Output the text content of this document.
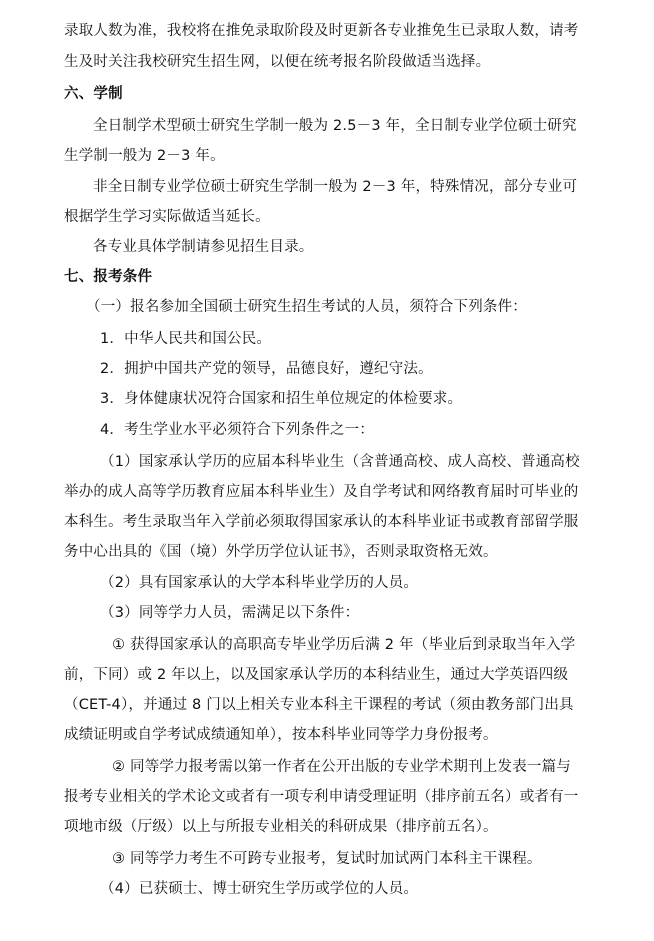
录取人数为准，我校将在推免录取阶段及时更新各专业推免生已录取人数，请考
生及时关注我校研究生招生网，以便在统考报名阶段做适当选择。
六、学制
全日制学术型硕士研究生学制一般为 2.5－3 年，全日制专业学位硕士研究
生学制一般为 2－3 年。
非全日制专业学位硕士研究生学制一般为 2－3 年，特殊情况，部分专业可
根据学生学习实际做适当延长。
各专业具体学制请参见招生目录。
七、报考条件
（一）报名参加全国硕士研究生招生考试的人员，须符合下列条件：
1．中华人民共和国公民。
2．拥护中国共产党的领导，品德良好，遵纪守法。
3．身体健康状况符合国家和招生单位规定的体检要求。
4．考生学业水平必须符合下列条件之一：
（1）国家承认学历的应届本科毕业生（含普通高校、成人高校、普通高校
举办的成人高等学历教育应届本科毕业生）及自学考试和网络教育届时可毕业的
本科生。考生录取当年入学前必须取得国家承认的本科毕业证书或教育部留学服
务中心出具的《国（境）外学历学位认证书》，否则录取资格无效。
（2）具有国家承认的大学本科毕业学历的人员。
（3）同等学力人员，需满足以下条件：
① 获得国家承认的高职高专毕业学历后满 2 年（毕业后到录取当年入学
前，下同）或 2 年以上，以及国家承认学历的本科结业生，通过大学英语四级
（CET-4），并通过 8 门以上相关专业本科主干课程的考试（须由教务部门出具
成绩证明或自学考试成绩通知单），按本科毕业同等学力身份报考。
② 同等学力报考需以第一作者在公开出版的专业学术期刊上发表一篇与
报考专业相关的学术论文或者有一项专利申请受理证明（排序前五名）或者有一
项地市级（厅级）以上与所报专业相关的科研成果（排序前五名）。
③ 同等学力考生不可跨专业报考，复试时加试两门本科主干课程。
（4）已获硕士、博士研究生学历或学位的人员。
